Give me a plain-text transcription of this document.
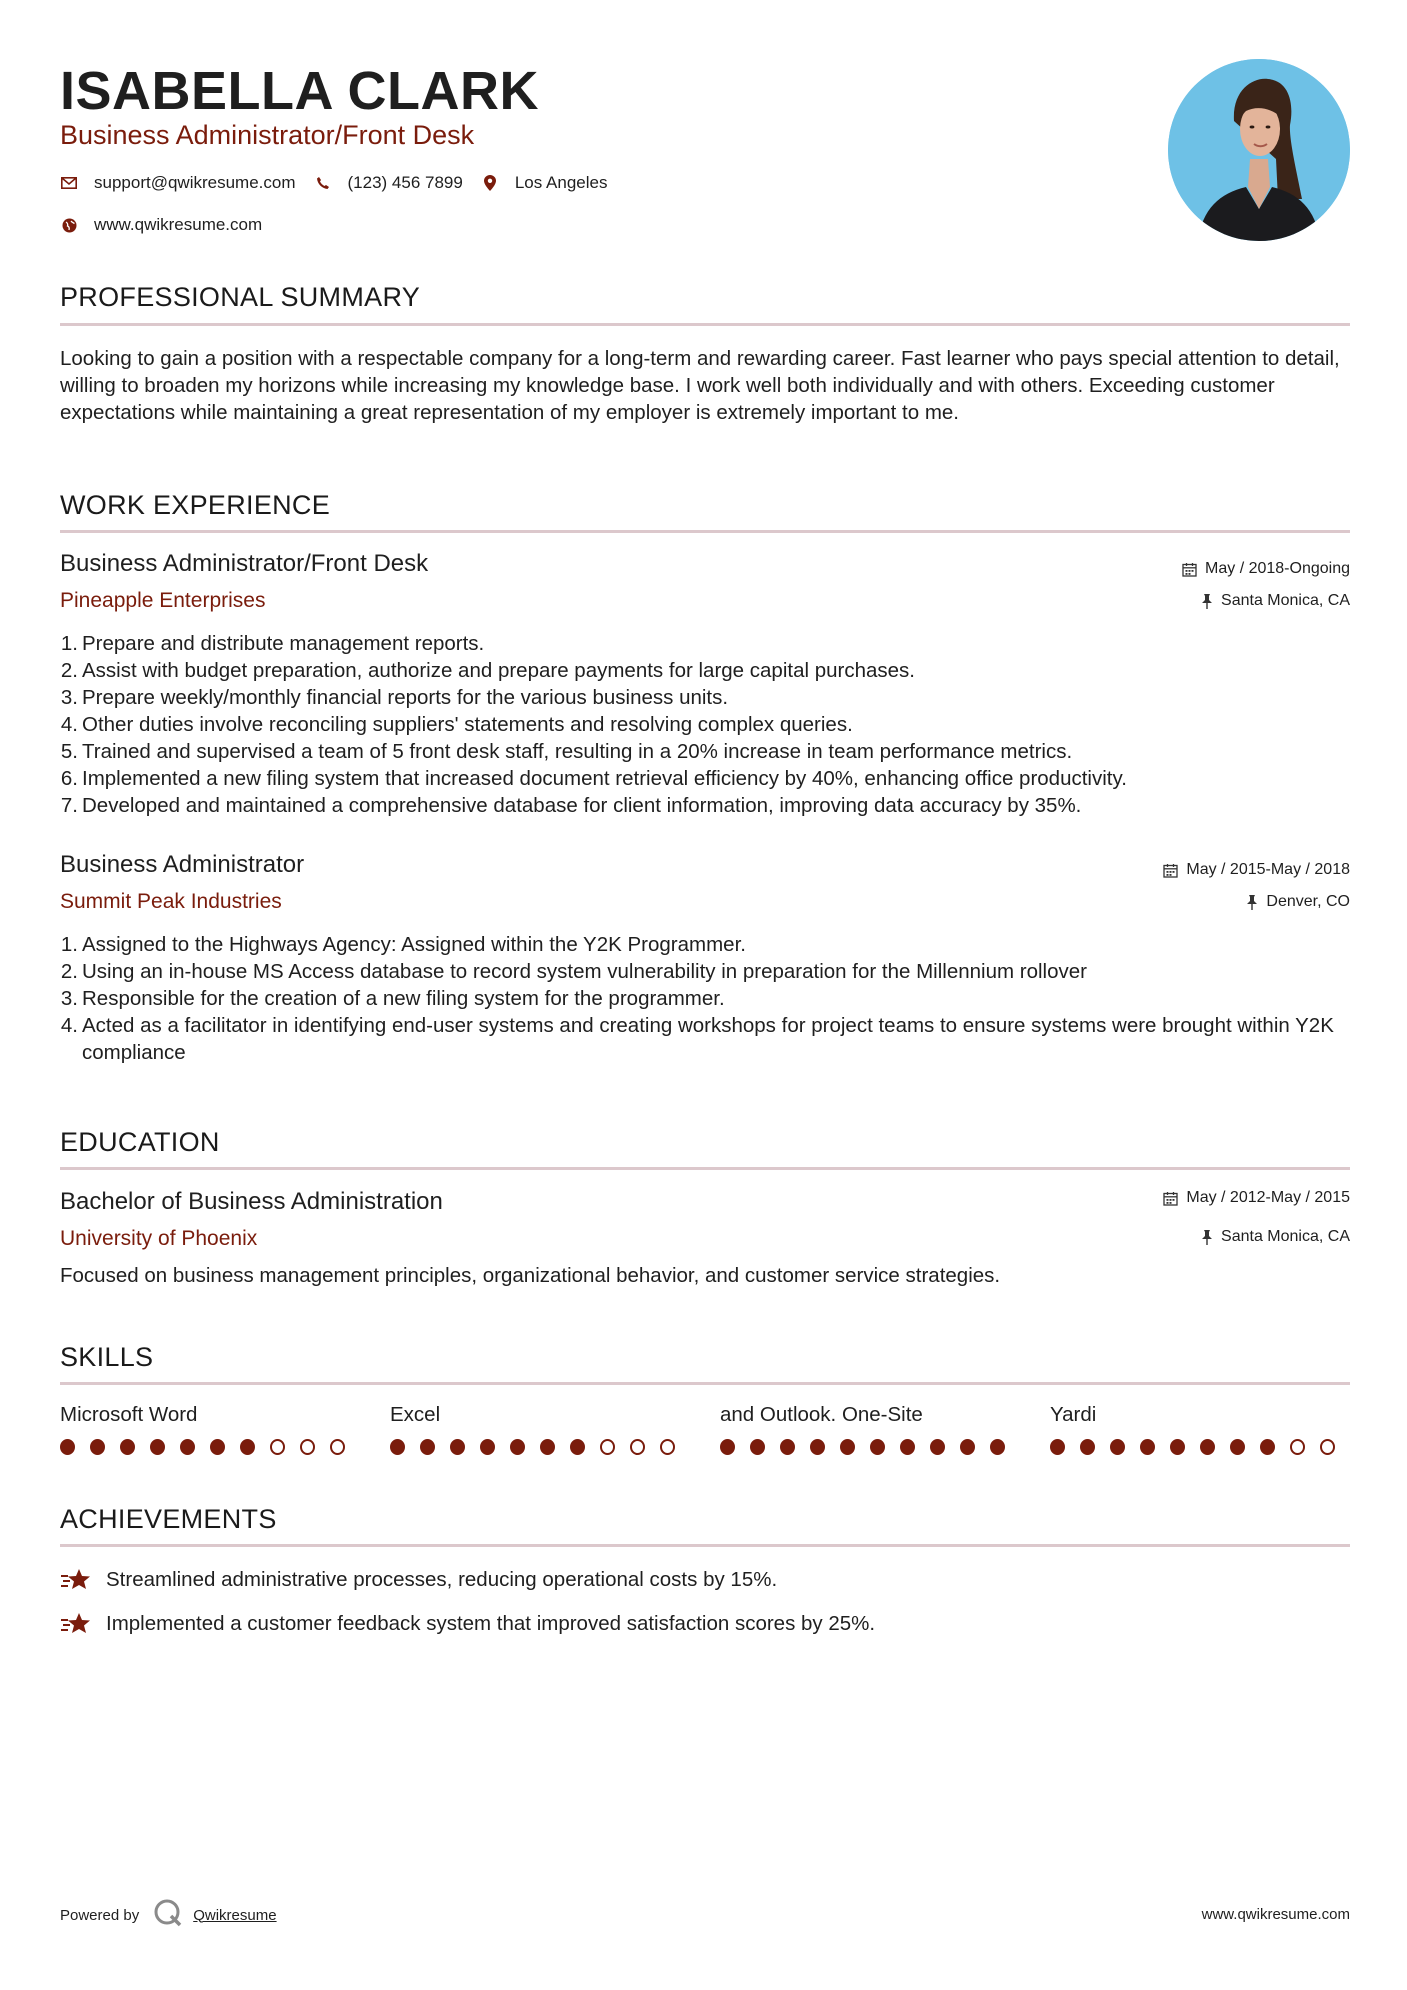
ISABELLA CLARK
Business Administrator/Front Desk
support@qwikresume.com	(123) 456 7899	Los Angeles
www.qwikresume.com
PROFESSIONAL SUMMARY
Looking to gain a position with a respectable company for a long-term and rewarding career. Fast learner who pays special attention to detail, willing to broaden my horizons while increasing my knowledge base. I work well both individually and with others. Exceeding customer expectations while maintaining a great representation of my employer is extremely important to me.
WORK EXPERIENCE
Business Administrator/Front Desk
Pineapple Enterprises
May / 2018-Ongoing
Santa Monica, CA
1. Prepare and distribute management reports.
2. Assist with budget preparation, authorize and prepare payments for large capital purchases.
3. Prepare weekly/monthly financial reports for the various business units.
4. Other duties involve reconciling suppliers' statements and resolving complex queries.
5. Trained and supervised a team of 5 front desk staff, resulting in a 20% increase in team performance metrics.
6. Implemented a new filing system that increased document retrieval efficiency by 40%, enhancing office productivity.
7. Developed and maintained a comprehensive database for client information, improving data accuracy by 35%.
Business Administrator
Summit Peak Industries
May / 2015-May / 2018
Denver, CO
1. Assigned to the Highways Agency: Assigned within the Y2K Programmer.
2. Using an in-house MS Access database to record system vulnerability in preparation for the Millennium rollover
3. Responsible for the creation of a new filing system for the programmer.
4. Acted as a facilitator in identifying end-user systems and creating workshops for project teams to ensure systems were brought within Y2K compliance
EDUCATION
Bachelor of Business Administration
University of Phoenix
May / 2012-May / 2015
Santa Monica, CA
Focused on business management principles, organizational behavior, and customer service strategies.
SKILLS
Microsoft Word	Excel	and Outlook. One-Site	Yardi
ACHIEVEMENTS
Streamlined administrative processes, reducing operational costs by 15%.
Implemented a customer feedback system that improved satisfaction scores by 25%.
Powered by	Qwikresume	www.qwikresume.com
